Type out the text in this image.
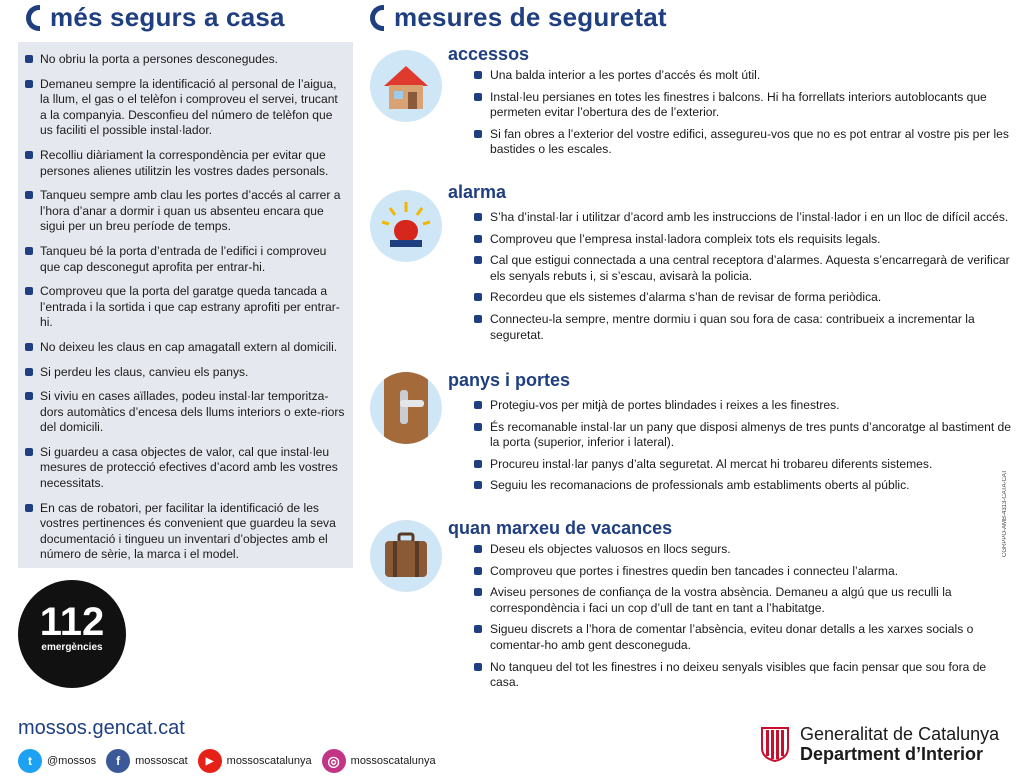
més segurs a casa	mesures de seguretat
No obriu la porta a persones desconegudes.
Demaneu sempre la identificació al personal de l’aigua, la llum, el gas o el telèfon i comproveu el servei, trucant a la companyia. Desconfieu del número de telèfon que us faciliti el possible instal·lador.
Recolliu diàriament la correspondència per evitar que persones alienes utilitzin les vostres dades personals.
Tanqueu sempre amb clau les portes d’accés al carrer a l’hora d’anar a dormir i quan us absenteu encara que sigui per un breu període de temps.
Tanqueu bé la porta d’entrada de l’edifici i comproveu que cap desconegut aprofita per entrar-hi.
Comproveu que la porta del garatge queda tancada a l’entrada i la sortida i que cap estrany aprofiti per entrar-hi.
No deixeu les claus en cap amagatall extern al domicili.
Si perdeu les claus, canvieu els panys.
Si viviu en cases aïllades, podeu instal·lar temporitza-dors automàtics d’encesa dels llums interiors o exte-riors del domicili.
Si guardeu a casa objectes de valor, cal que instal·leu mesures de protecció efectives d’acord amb les vostres necessitats.
En cas de robatori, per facilitar la identificació de les vostres pertinences és convenient que guardeu la seva documentació i tingueu un inventari d’objectes amb el número de sèrie, la marca i el model.
accessos
Una balda interior a les portes d’accés és molt útil.
Instal·leu persianes en totes les finestres i balcons. Hi ha forrellats interiors autoblocants que permeten evitar l’obertura des de l’exterior.
Si fan obres a l’exterior del vostre edifici, assegureu-vos que no es pot entrar al vostre pis per les bastides o les escales.
alarma
S’ha d’instal·lar i utilitzar d’acord amb les instruccions de l’instal·lador i en un lloc de difícil accés.
Comproveu que l’empresa instal·ladora compleix tots els requisits legals.
Cal que estigui connectada a una central receptora d’alarmes. Aquesta s’encarregarà de verificar els senyals rebuts i, si s’escau, avisarà la policia.
Recordeu que els sistemes d’alarma s’han de revisar de forma periòdica.
Connecteu-la sempre, mentre dormiu i quan sou fora de casa: contribueix a incrementar la seguretat.
panys i portes
Protegiu-vos per mitjà de portes blindades i reixes a les finestres.
És recomanable instal·lar un pany que disposi almenys de tres punts d’ancoratge al bastiment de la porta (superior, inferior i lateral).
Procureu instal·lar panys d’alta seguretat. Al mercat hi trobareu diferents sistemes.
Seguiu les recomanacions de professionals amb establiments oberts al públic.
quan marxeu de vacances
Deseu els objectes valuosos en llocs segurs.
Comproveu que portes i finestres quedin ben tancades i connecteu l’alarma.
Aviseu persones de confiança de la vostra absència. Demaneu a algú que us reculli la correspondència i faci un cop d’ull de tant en tant a l’habitatge.
Sigueu discrets a l’hora de comentar l’absència, eviteu donar detalls a les xarxes socials o comentar-ho amb gent desconeguda.
No tanqueu del tot les finestres i no deixeu senyals visibles que facin pensar que sou fora de casa.
112
emergències
mossos.gencat.cat
t	@mossos	f	mossoscat	▶	mossoscatalunya	◎ mossoscatalunya
Generalitat de Catalunya
Department d’Interior
CGRPPO-AMB-4313-CATA-CAT
